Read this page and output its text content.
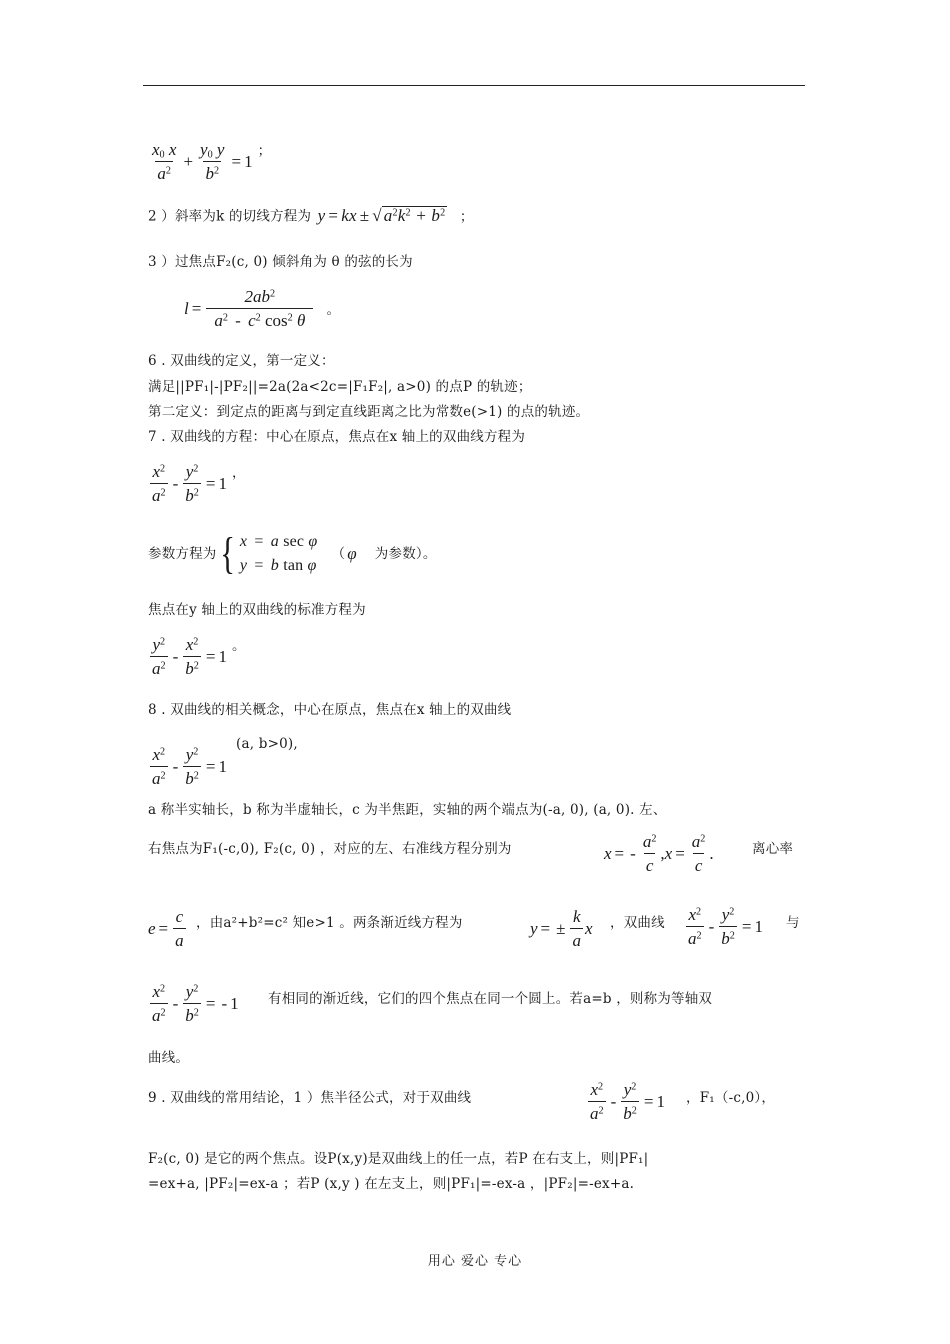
$\frac{x_0 x}{a^2} + \frac{y_0 y}{b^2} = 1$
；
2 ）斜率为k 的切线方程为 y = kx ± √ $a^2k^2 + b^2$ ；
3 ）过焦点F₂(c, 0) 倾斜角为 θ 的弦的长为
$l = \frac{2ab^2}{a^2 - c^2 \cos^2 \theta}$ 。
6 . 双曲线的定义，第一定义：
满足||PF₁|-|PF₂||=2a(2a<2c=|F₁F₂|, a>0) 的点P 的轨迹；
第二定义：到定点的距离与到定直线距离之比为常数e(>1) 的点的轨迹。
7 . 双曲线的方程：中心在原点，焦点在x 轴上的双曲线方程为
$\frac{x^2}{a^2} - \frac{y^2}{b^2} = 1$
，
参数方程为 { x = a sec φ
y = b tan φ
（ φ 为参数）。
焦点在y 轴上的双曲线的标准方程为
$\frac{y^2}{a^2} - \frac{x^2}{b^2} = 1$
。
8 . 双曲线的相关概念，中心在原点，焦点在x 轴上的双曲线
$\frac{x^2}{a^2} - \frac{y^2}{b^2} = 1$
$^{(a, b>0),}$
a 称半实轴长，b 称为半虚轴长，c 为半焦距，实轴的两个端点为(-a, 0), (a, 0). 左、
右焦点为F₁(-c,0), F₂(c, 0) ，对应的左、右准线方程分别为	x = - $\frac{a^2}{c}$ , $x = \frac{a^2}{c}$ .	离心率
$e = \frac{c}{a}$ ，由a²+b²=c² 知e>1 。两条渐近线方程为	y = ± $\frac{k}{a}$ x ，双曲线 $\frac{x^2}{a^2} - \frac{y^2}{b^2} = 1$ 与
$\frac{x^2}{a^2} - \frac{y^2}{b^2}$ = - 1 有相同的渐近线，它们的四个焦点在同一个圆上。若a=b ，则称为等轴双
曲线。
9 . 双曲线的常用结论，1 ）焦半径公式，对于双曲线	$\frac{x^2}{a^2} - \frac{y^2}{b^2} = 1$ ，F₁（-c,0），
F₂(c, 0) 是它的两个焦点。设P(x,y)是双曲线上的任一点，若P 在右支上，则|PF₁|
=ex+a, |PF₂|=ex-a ；若P (x,y ) 在左支上，则|PF₁|=-ex-a ，|PF₂|=-ex+a.
用心 爱心 专心
